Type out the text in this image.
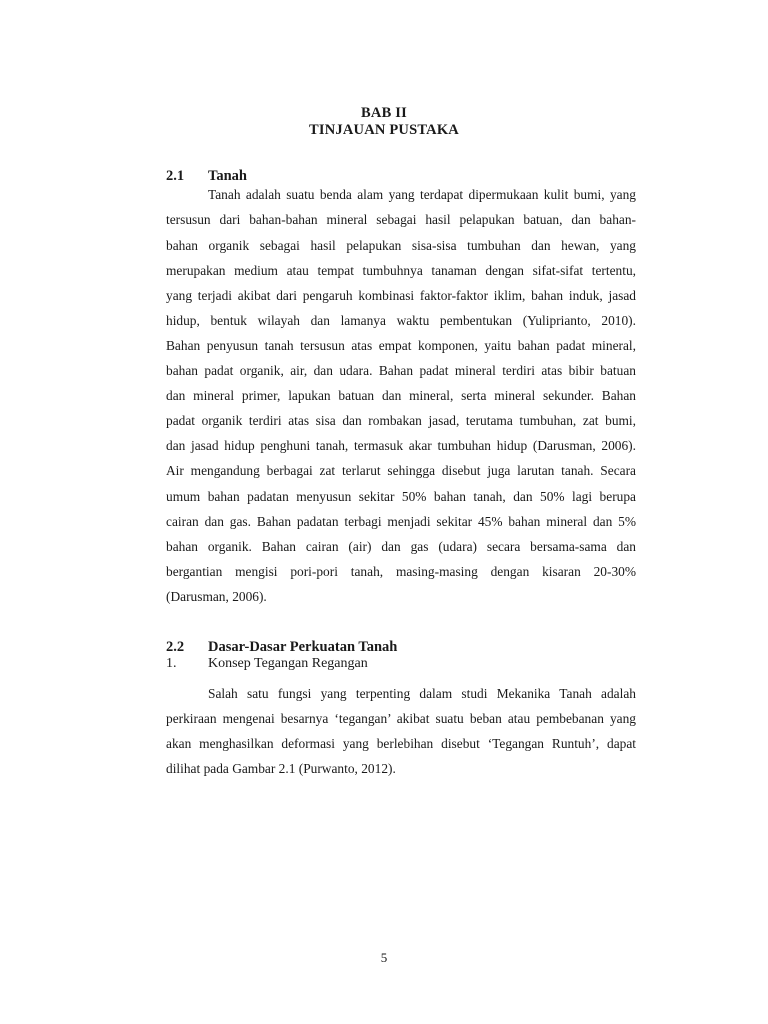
BAB II
TINJAUAN PUSTAKA
2.1 Tanah
Tanah adalah suatu benda alam yang terdapat dipermukaan kulit bumi, yang
tersusun dari bahan-bahan mineral sebagai hasil pelapukan batuan, dan bahan-
bahan organik sebagai hasil pelapukan sisa-sisa tumbuhan dan hewan, yang
merupakan medium atau tempat tumbuhnya tanaman dengan sifat-sifat tertentu,
yang terjadi akibat dari pengaruh kombinasi faktor-faktor iklim, bahan induk, jasad
hidup, bentuk wilayah dan lamanya waktu pembentukan (Yuliprianto, 2010).
Bahan penyusun tanah tersusun atas empat komponen, yaitu bahan padat mineral,
bahan padat organik, air, dan udara. Bahan padat mineral terdiri atas bibir batuan
dan mineral primer, lapukan batuan dan mineral, serta mineral sekunder. Bahan
padat organik terdiri atas sisa dan rombakan jasad, terutama tumbuhan, zat bumi,
dan jasad hidup penghuni tanah, termasuk akar tumbuhan hidup (Darusman, 2006).
Air mengandung berbagai zat terlarut sehingga disebut juga larutan tanah. Secara
umum bahan padatan menyusun sekitar 50% bahan tanah, dan 50% lagi berupa
cairan dan gas. Bahan padatan terbagi menjadi sekitar 45% bahan mineral dan 5%
bahan organik. Bahan cairan (air) dan gas (udara) secara bersama-sama dan
bergantian mengisi pori-pori tanah, masing-masing dengan kisaran 20-30%
(Darusman, 2006).
2.2 Dasar-Dasar Perkuatan Tanah
1. Konsep Tegangan Regangan
Salah satu fungsi yang terpenting dalam studi Mekanika Tanah adalah
perkiraan mengenai besarnya ‘tegangan’ akibat suatu beban atau pembebanan yang
akan menghasilkan deformasi yang berlebihan disebut ‘Tegangan Runtuh’, dapat
dilihat pada Gambar 2.1 (Purwanto, 2012).
5
